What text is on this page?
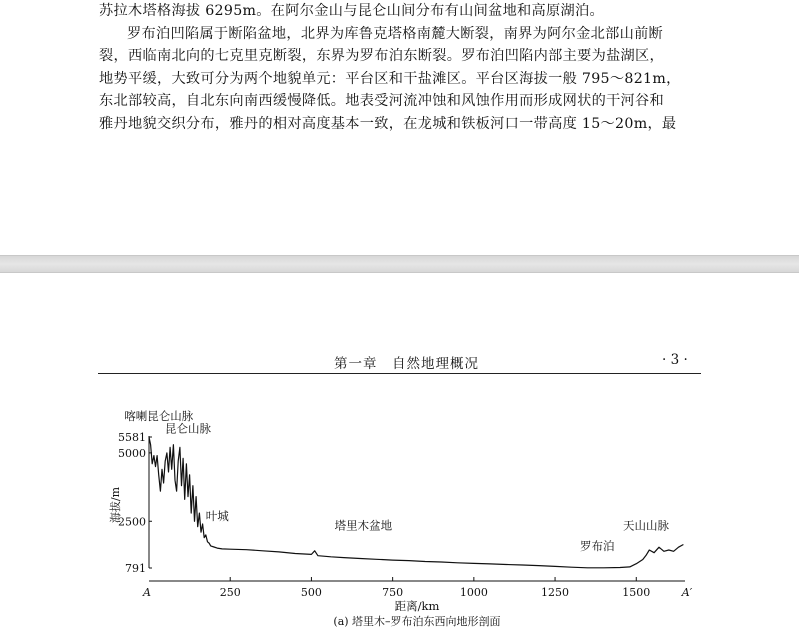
苏拉木塔格海拔 6295m。在阿尔金山与昆仑山间分布有山间盆地和高原湖泊。
罗布泊凹陷属于断陷盆地，北界为库鲁克塔格南麓大断裂，南界为阿尔金北部山前断
裂，西临南北向的七克里克断裂，东界为罗布泊东断裂。罗布泊凹陷内部主要为盐湖区，
地势平缓，大致可分为两个地貌单元：平台区和干盐滩区。平台区海拔一般 795～821m，
东北部较高，自北东向南西缓慢降低。地表受河流冲蚀和风蚀作用而形成网状的干河谷和
雅丹地貌交织分布，雅丹的相对高度基本一致，在龙城和铁板河口一带高度 15～20m，最
第一章　自然地理概况	· 3 ·
250	500	750	1000	1250	1500
A	A′
791
2500
5000
5581
海拔/m
距离/km
(a) 塔里木–罗布泊东西向地形剖面
喀喇昆仑山脉
昆仑山脉
叶城
塔里木盆地
罗布泊
天山山脉
